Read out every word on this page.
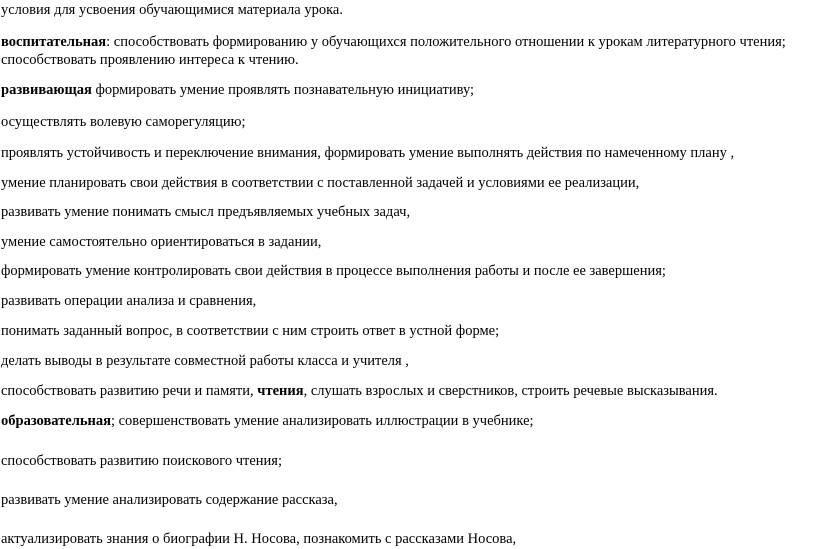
условия для усвоения обучающимися материала урока.
воспитательная: способствовать формированию у обучающихся положительного отношении к урокам литературного чтения;
способствовать проявлению интереса к чтению.
развивающая формировать умение проявлять познавательную инициативу;
осуществлять волевую саморегуляцию;
проявлять устойчивость и переключение внимания, формировать умение выполнять действия по намеченному плану ,
умение планировать свои действия в соответствии с поставленной задачей и условиями ее реализации,
развивать умение понимать смысл предъявляемых учебных задач,
умение самостоятельно ориентироваться в задании,
формировать умение контролировать свои действия в процессе выполнения работы и после ее завершения;
развивать операции анализа и сравнения,
понимать заданный вопрос, в соответствии с ним строить ответ в устной форме;
делать выводы в результате совместной работы класса и учителя ,
способствовать развитию речи и памяти, чтения, слушать взрослых и сверстников, строить речевые высказывания.
образовательная; совершенствовать умение анализировать иллюстрации в учебнике;
способствовать развитию поискового чтения;
развивать умение анализировать содержание рассказа,
актуализировать знания о биографии Н. Носова, познакомить с рассказами Носова,
